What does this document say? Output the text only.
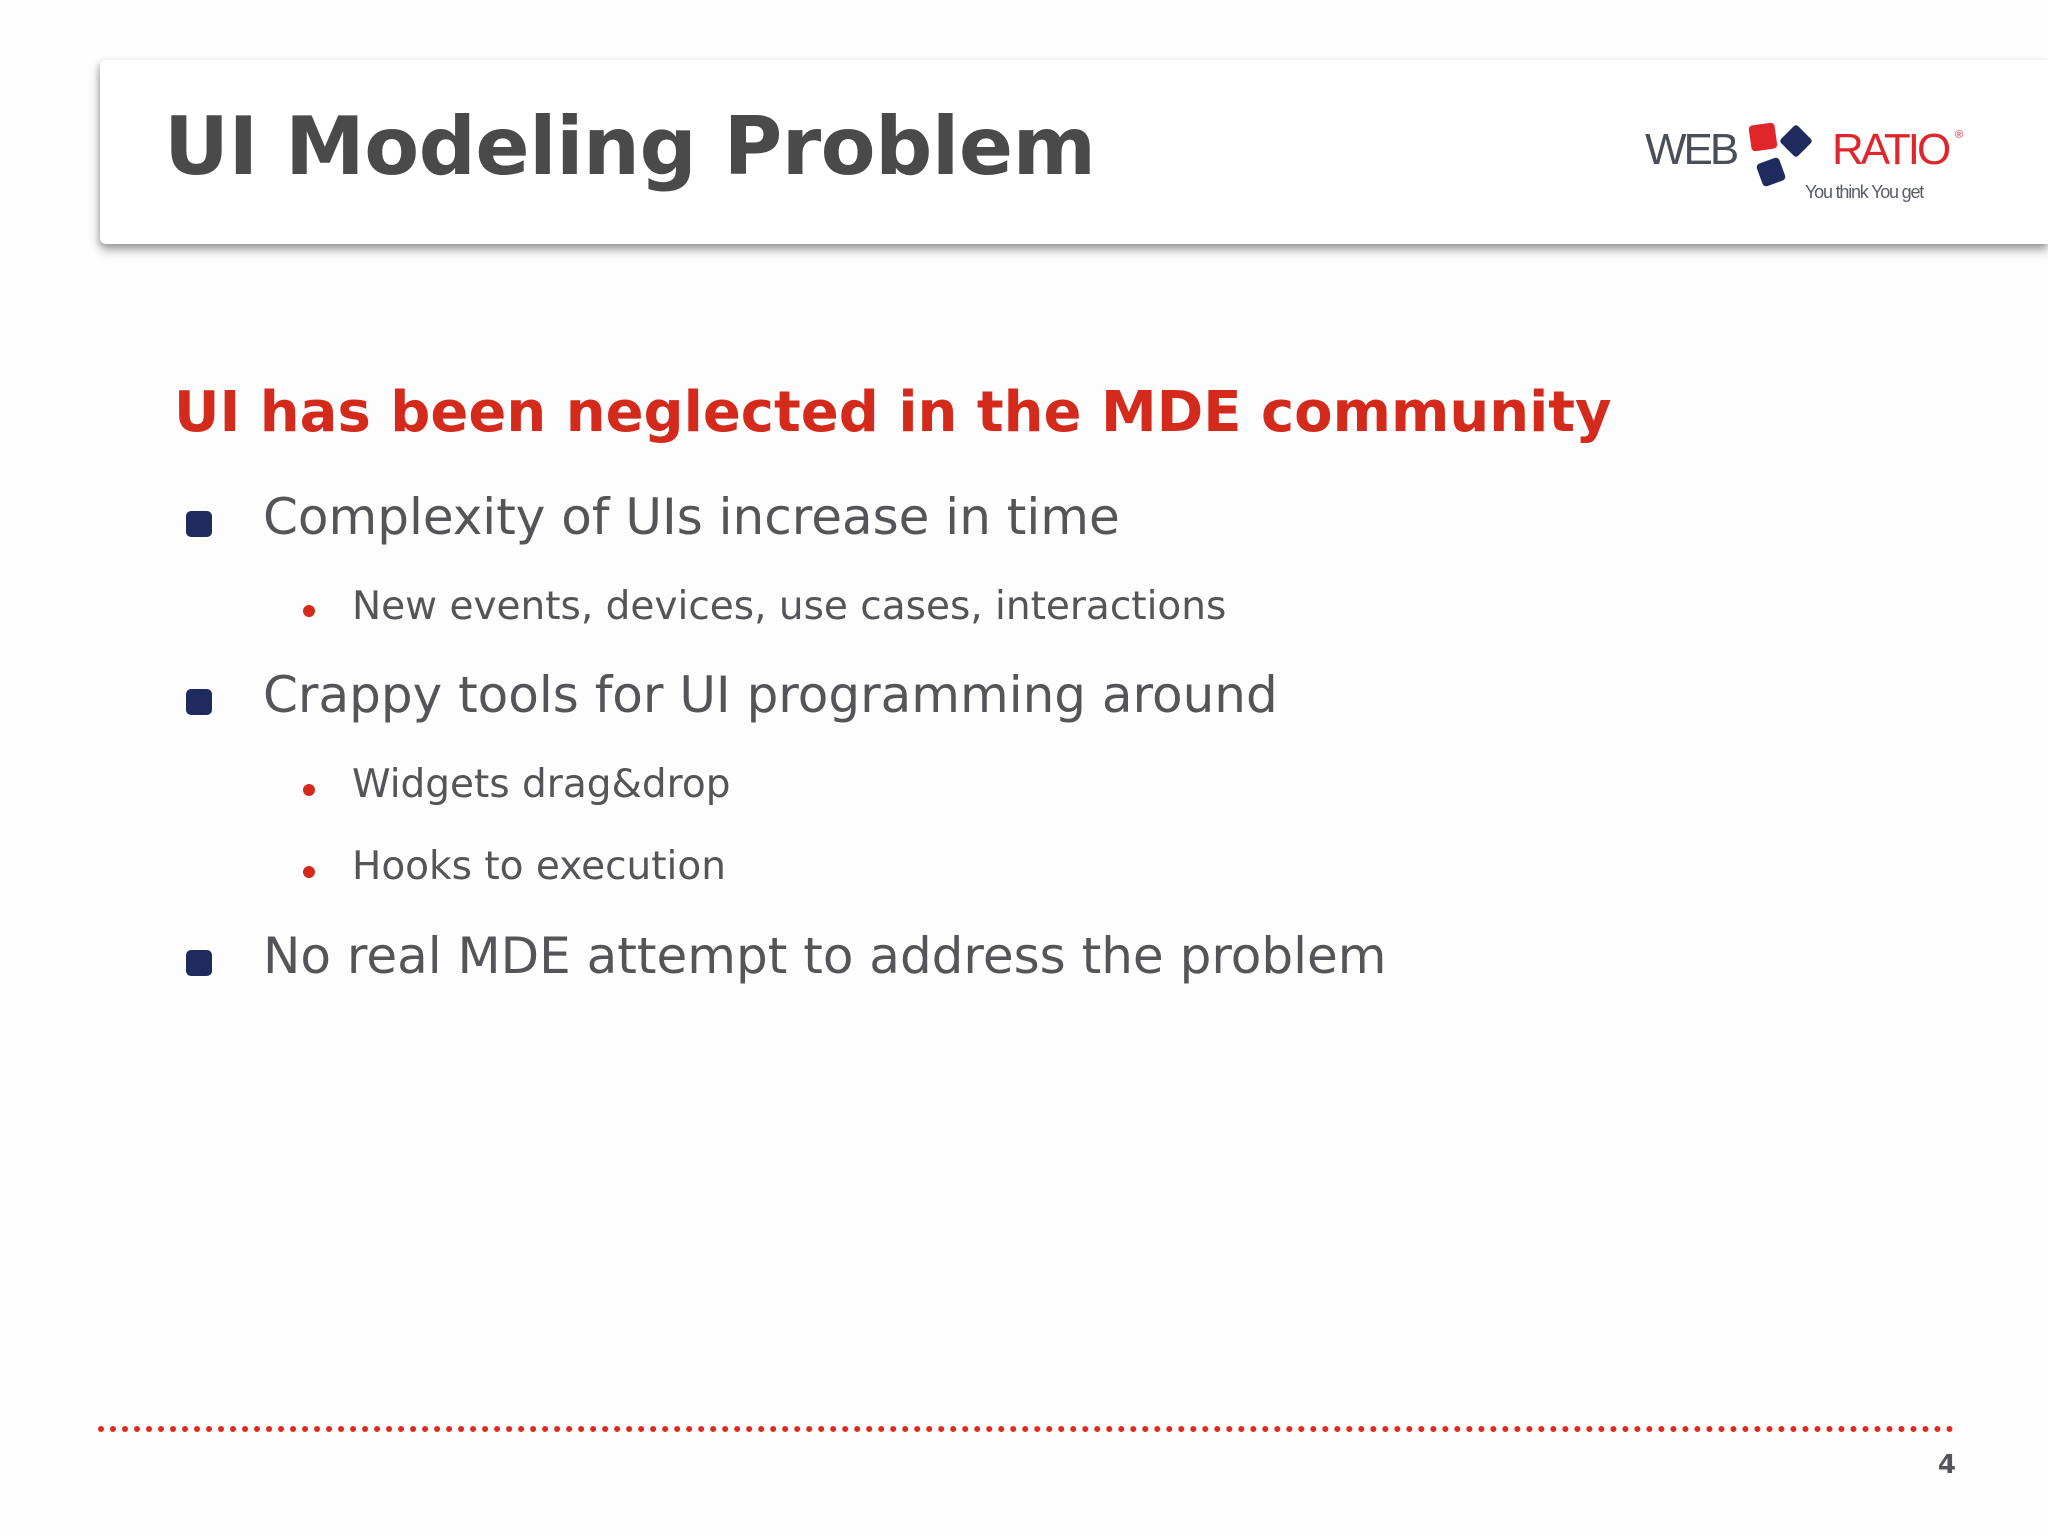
UI Modeling Problem	WEB RATIO ®
You think You get
UI has been neglected in the MDE community
Complexity of UIs increase in time
New events, devices, use cases, interactions
Crappy tools for UI programming around
Widgets drag&drop
Hooks to execution
No real MDE attempt to address the problem
4
